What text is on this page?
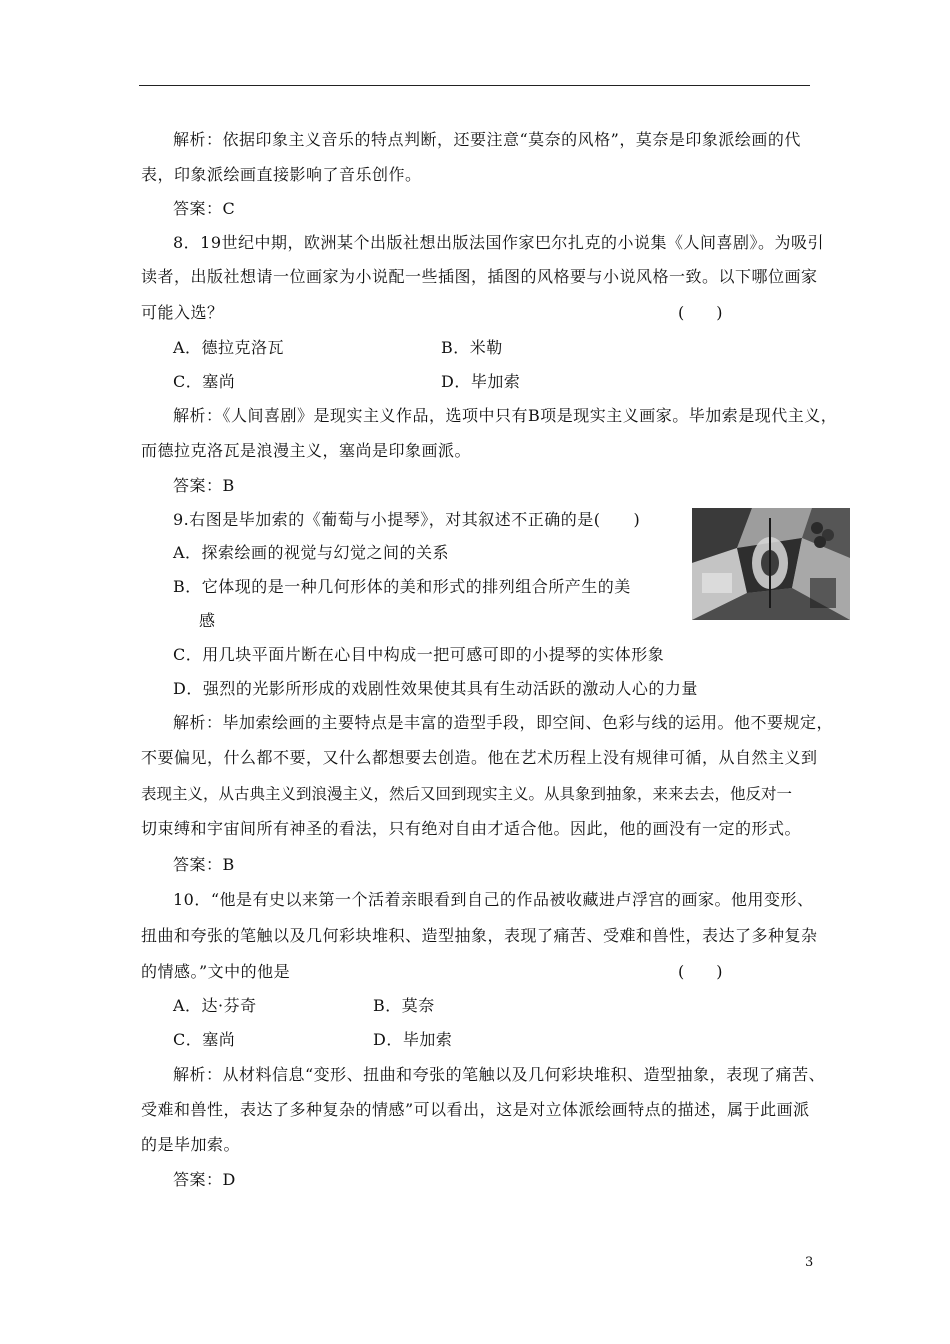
解析：依据印象主义音乐的特点判断，还要注意“莫奈的风格”，莫奈是印象派绘画的代
表，印象派绘画直接影响了音乐创作。
答案：C
8．19世纪中期，欧洲某个出版社想出版法国作家巴尔扎克的小说集《人间喜剧》。为吸引
读者，出版社想请一位画家为小说配一些插图，插图的风格要与小说风格一致。以下哪位画家
可能入选？	(　　)
A．德拉克洛瓦	B．米勒
C．塞尚	D．毕加索
解析：《人间喜剧》是现实主义作品，选项中只有B项是现实主义画家。毕加索是现代主义，
而德拉克洛瓦是浪漫主义，塞尚是印象画派。
答案：B
9.右图是毕加索的《葡萄与小提琴》，对其叙述不正确的是(　　)
A．探索绘画的视觉与幻觉之间的关系
B．它体现的是一种几何形体的美和形式的排列组合所产生的美
感
C．用几块平面片断在心目中构成一把可感可即的小提琴的实体形象
D．强烈的光影所形成的戏剧性效果使其具有生动活跃的激动人心的力量
解析：毕加索绘画的主要特点是丰富的造型手段，即空间、色彩与线的运用。他不要规定，
不要偏见，什么都不要，又什么都想要去创造。他在艺术历程上没有规律可循，从自然主义到
表现主义，从古典主义到浪漫主义，然后又回到现实主义。从具象到抽象，来来去去，他反对一
切束缚和宇宙间所有神圣的看法，只有绝对自由才适合他。因此，他的画没有一定的形式。
答案：B
10．“他是有史以来第一个活着亲眼看到自己的作品被收藏进卢浮宫的画家。他用变形、
扭曲和夸张的笔触以及几何彩块堆积、造型抽象，表现了痛苦、受难和兽性，表达了多种复杂
的情感。”文中的他是	(　　)
A．达·芬奇	B．莫奈
C．塞尚	D．毕加索
解析：从材料信息“变形、扭曲和夸张的笔触以及几何彩块堆积、造型抽象，表现了痛苦、
受难和兽性，表达了多种复杂的情感”可以看出，这是对立体派绘画特点的描述，属于此画派
的是毕加索。
答案：D
3
